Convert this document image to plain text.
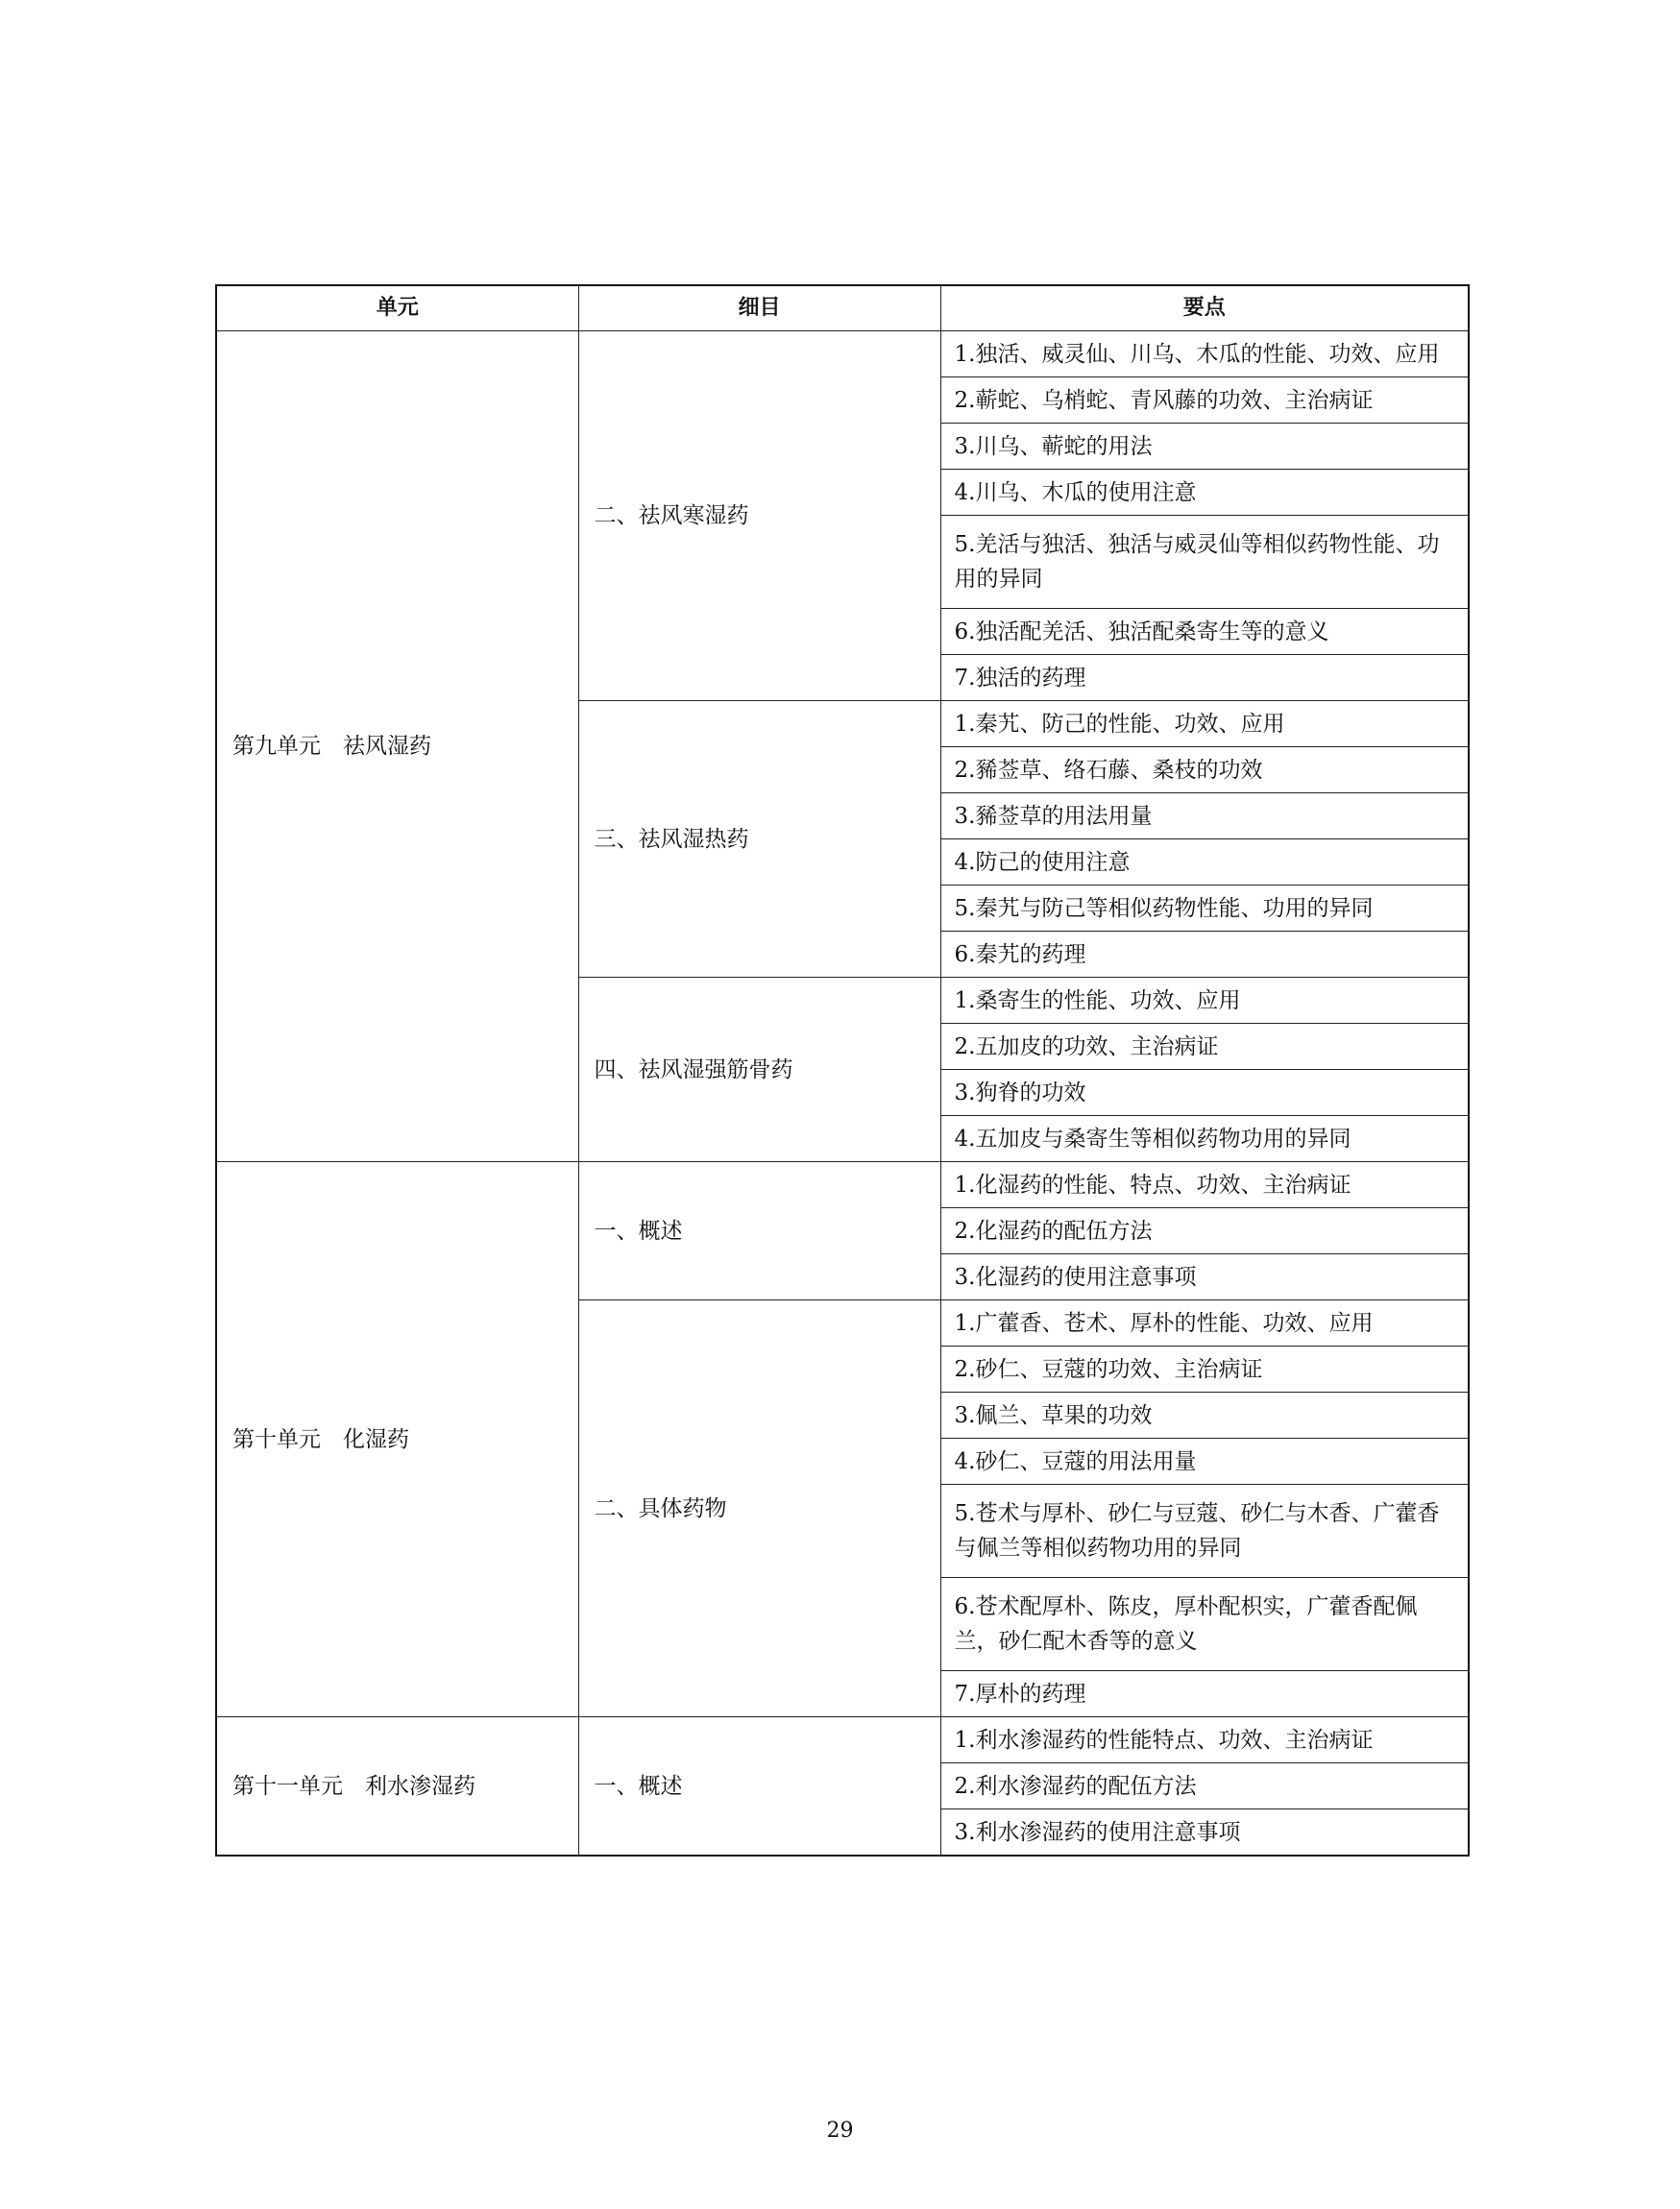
单元	细目	要点
第九单元　祛风湿药	二、祛风寒湿药	1.独活、威灵仙、川乌、木瓜的性能、功效、应用
		2.蕲蛇、乌梢蛇、青风藤的功效、主治病证
		3.川乌、蕲蛇的用法
		4.川乌、木瓜的使用注意
		5.羌活与独活、独活与威灵仙等相似药物性能、功用的异同
		6.独活配羌活、独活配桑寄生等的意义
		7.独活的药理
	三、祛风湿热药	1.秦艽、防己的性能、功效、应用
		2.豨莶草、络石藤、桑枝的功效
		3.豨莶草的用法用量
		4.防己的使用注意
		5.秦艽与防己等相似药物性能、功用的异同
		6.秦艽的药理
	四、祛风湿强筋骨药	1.桑寄生的性能、功效、应用
		2.五加皮的功效、主治病证
		3.狗脊的功效
		4.五加皮与桑寄生等相似药物功用的异同
第十单元　化湿药	一、概述	1.化湿药的性能、特点、功效、主治病证
		2.化湿药的配伍方法
		3.化湿药的使用注意事项
	二、具体药物	1.广藿香、苍术、厚朴的性能、功效、应用
		2.砂仁、豆蔻的功效、主治病证
		3.佩兰、草果的功效
		4.砂仁、豆蔻的用法用量
		5.苍术与厚朴、砂仁与豆蔻、砂仁与木香、广藿香与佩兰等相似药物功用的异同
		6.苍术配厚朴、陈皮，厚朴配枳实，广藿香配佩兰，砂仁配木香等的意义
		7.厚朴的药理
第十一单元　利水渗湿药	一、概述	1.利水渗湿药的性能特点、功效、主治病证
		2.利水渗湿药的配伍方法
		3.利水渗湿药的使用注意事项
29
